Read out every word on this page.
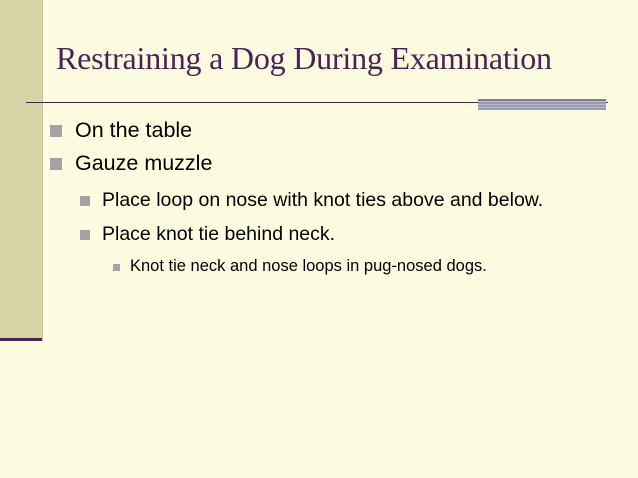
Restraining a Dog During Examination
On the table
Gauze muzzle
Place loop on nose with knot ties above and below.
Place knot tie behind neck.
Knot tie neck and nose loops in pug-nosed dogs.
